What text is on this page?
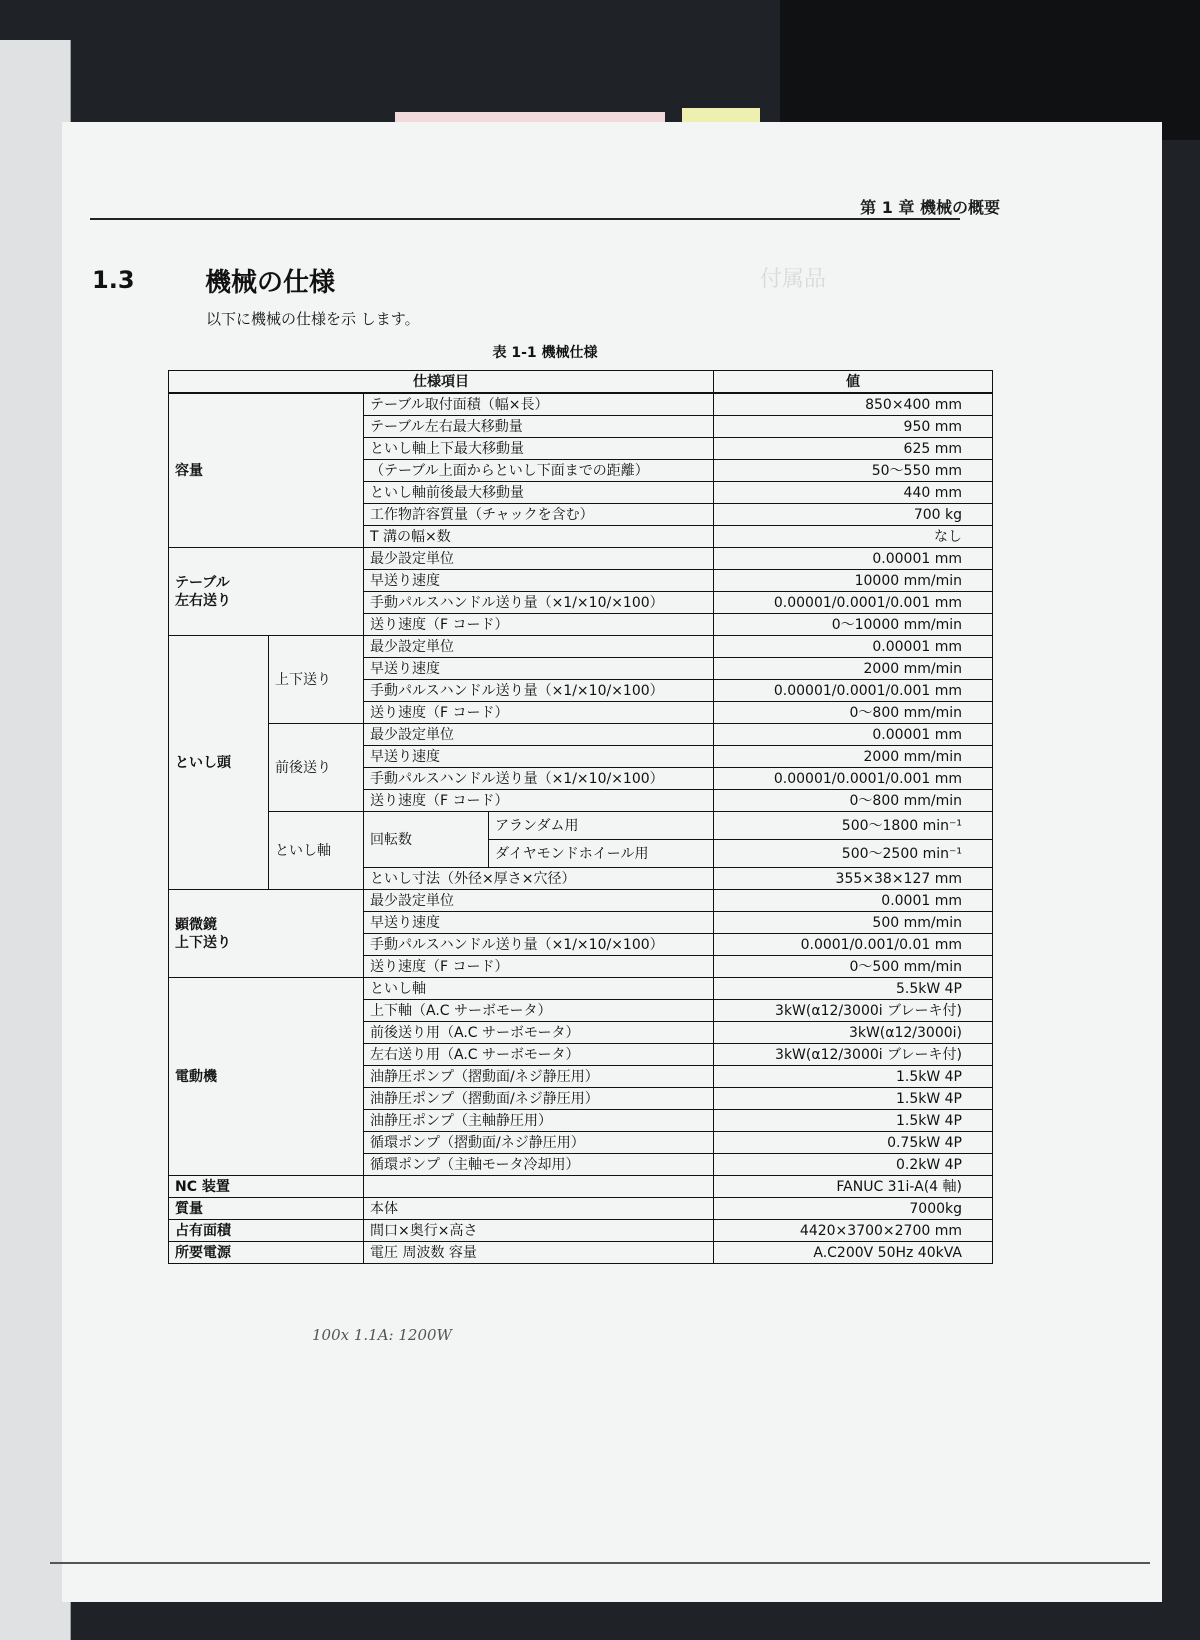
付属品
第 1 章 機械の概要
1.3	機械の仕様
以下に機械の仕様を示 します。
表 1-1 機械仕様
仕様項目				値
容量		テーブル取付面積（幅×長）		850×400 mm
		テーブル左右最大移動量		950 mm
		といし軸上下最大移動量		625 mm
		（テーブル上面からといし下面までの距離）		50～550 mm
		といし軸前後最大移動量		440 mm
		工作物許容質量（チャックを含む）		700 kg
		T 溝の幅×数		なし
テーブル
左右送り		最少設定単位		0.00001 mm
		早送り速度		10000 mm/min
		手動パルスハンドル送り量（×1/×10/×100）		0.00001/0.0001/0.001 mm
		送り速度（F コード）		0～10000 mm/min
といし頭	上下送り	最少設定単位		0.00001 mm
		早送り速度		2000 mm/min
		手動パルスハンドル送り量（×1/×10/×100）		0.00001/0.0001/0.001 mm
		送り速度（F コード）		0～800 mm/min
	前後送り	最少設定単位		0.00001 mm
		早送り速度		2000 mm/min
		手動パルスハンドル送り量（×1/×10/×100）		0.00001/0.0001/0.001 mm
		送り速度（F コード）		0～800 mm/min
	といし軸	回転数	アランダム用	500～1800 min⁻¹
			ダイヤモンドホイール用	500～2500 min⁻¹
		といし寸法（外径×厚さ×穴径）		355×38×127 mm
顕微鏡
上下送り		最少設定単位		0.0001 mm
		早送り速度		500 mm/min
		手動パルスハンドル送り量（×1/×10/×100）		0.0001/0.001/0.01 mm
		送り速度（F コード）		0～500 mm/min
電動機		といし軸		5.5kW 4P
		上下軸（A.C サーボモータ）		3kW(α12/3000i ブレーキ付)
		前後送り用（A.C サーボモータ）		3kW(α12/3000i)
		左右送り用（A.C サーボモータ）		3kW(α12/3000i ブレーキ付)
		油静圧ポンプ（摺動面/ネジ静圧用）		1.5kW 4P
		油静圧ポンプ（摺動面/ネジ静圧用）		1.5kW 4P
		油静圧ポンプ（主軸静圧用）		1.5kW 4P
		循環ポンプ（摺動面/ネジ静圧用）		0.75kW 4P
		循環ポンプ（主軸モータ冷却用）		0.2kW 4P
NC 装置				FANUC 31i-A(4 軸)
質量		本体		7000kg
占有面積		間口×奥行×高さ		4420×3700×2700 mm
所要電源		電圧 周波数 容量		A.C200V 50Hz 40kVA
100x 1.1A: 1200W
